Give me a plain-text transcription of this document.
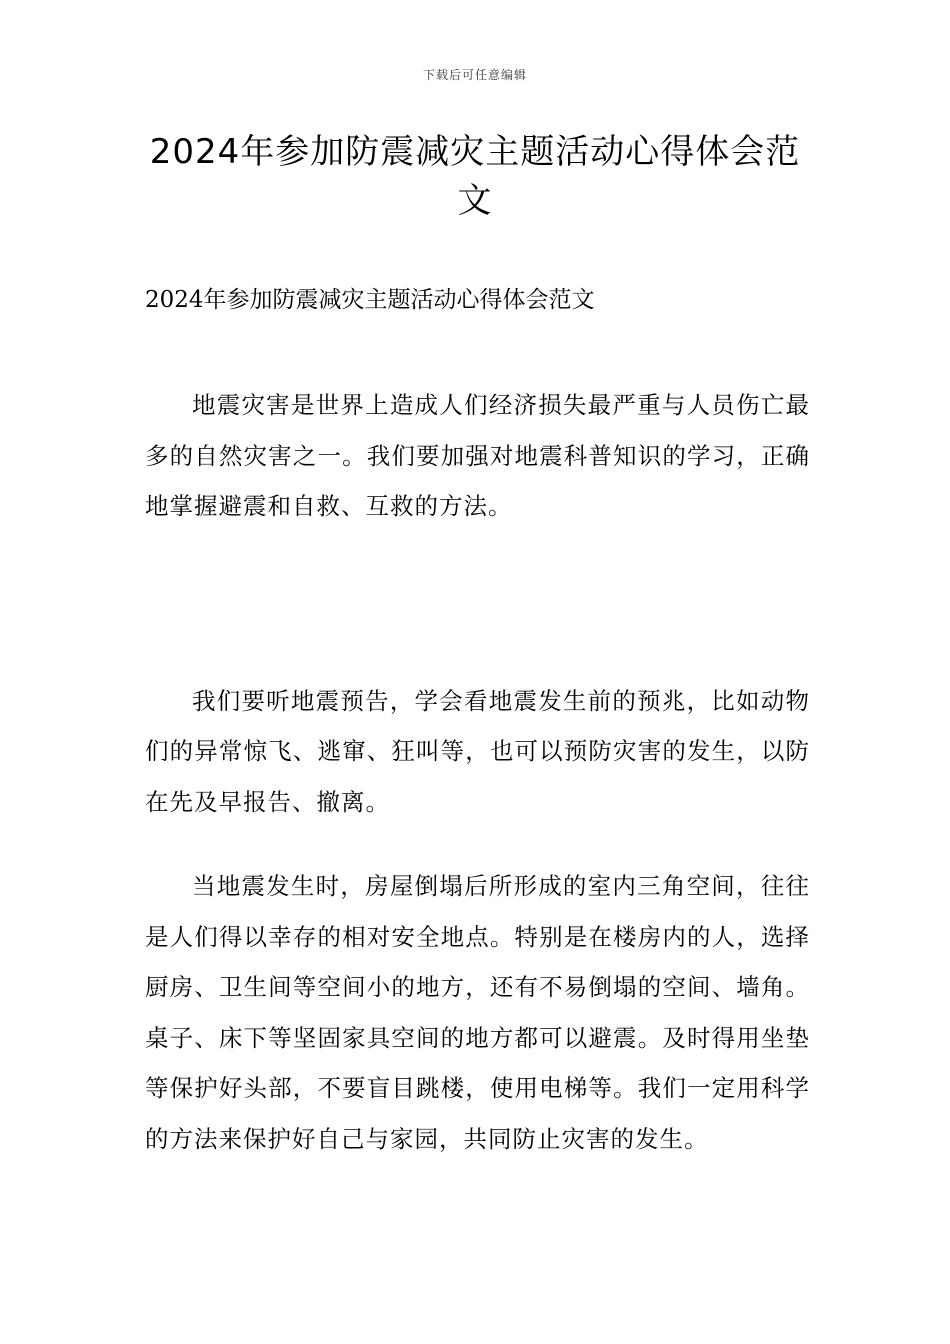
下载后可任意编辑
2024年参加防震减灾主题活动心得体会范文

2024年参加防震减灾主题活动心得体会范文

地震灾害是世界上造成人们经济损失最严重与人员伤亡最多的自然灾害之一。我们要加强对地震科普知识的学习，正确地掌握避震和自救、互救的方法。

我们要听地震预告，学会看地震发生前的预兆，比如动物们的异常惊飞、逃窜、狂叫等，也可以预防灾害的发生，以防在先及早报告、撤离。

当地震发生时，房屋倒塌后所形成的室内三角空间，往往是人们得以幸存的相对安全地点。特别是在楼房内的人，选择厨房、卫生间等空间小的地方，还有不易倒塌的空间、墙角。桌子、床下等坚固家具空间的地方都可以避震。及时得用坐垫等保护好头部，不要盲目跳楼，使用电梯等。我们一定用科学的方法来保护好自己与家园，共同防止灾害的发生。
